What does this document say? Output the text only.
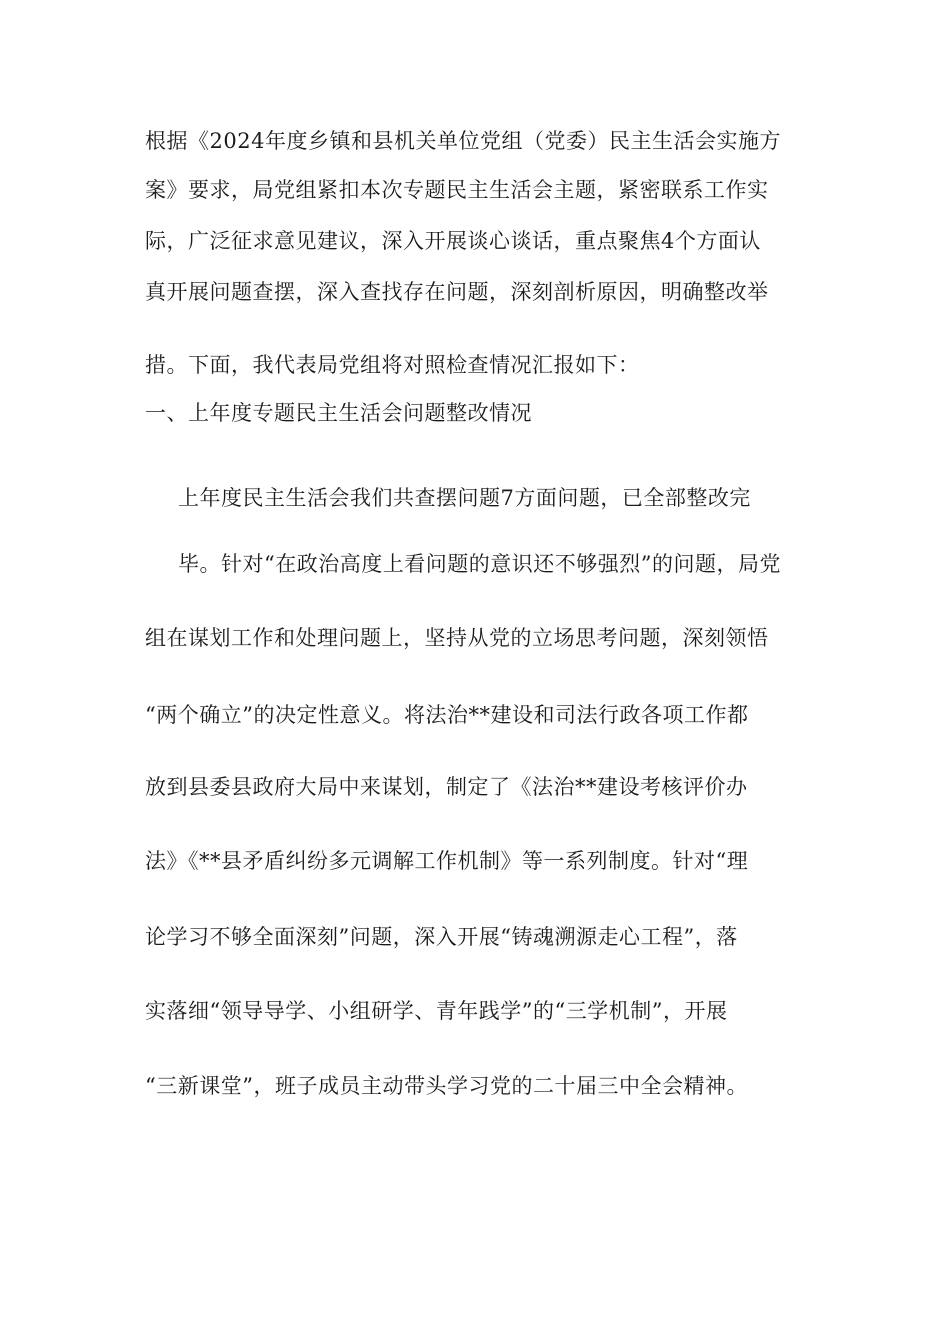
根据《2024年度乡镇和县机关单位党组（党委）民主生活会实施方
案》要求，局党组紧扣本次专题民主生活会主题，紧密联系工作实
际，广泛征求意见建议，深入开展谈心谈话，重点聚焦4个方面认
真开展问题查摆，深入查找存在问题，深刻剖析原因，明确整改举
措。下面，我代表局党组将对照检查情况汇报如下：
一、上年度专题民主生活会问题整改情况
上年度民主生活会我们共查摆问题7方面问题，已全部整改完
毕。针对“在政治高度上看问题的意识还不够强烈”的问题，局党
组在谋划工作和处理问题上，坚持从党的立场思考问题，深刻领悟
“两个确立”的决定性意义。将法治**建设和司法行政各项工作都
放到县委县政府大局中来谋划，制定了《法治**建设考核评价办
法》《**县矛盾纠纷多元调解工作机制》等一系列制度。针对“理
论学习不够全面深刻”问题，深入开展“铸魂溯源走心工程”，落
实落细“领导导学、小组研学、青年践学”的“三学机制”，开展
“三新课堂”，班子成员主动带头学习党的二十届三中全会精神。
